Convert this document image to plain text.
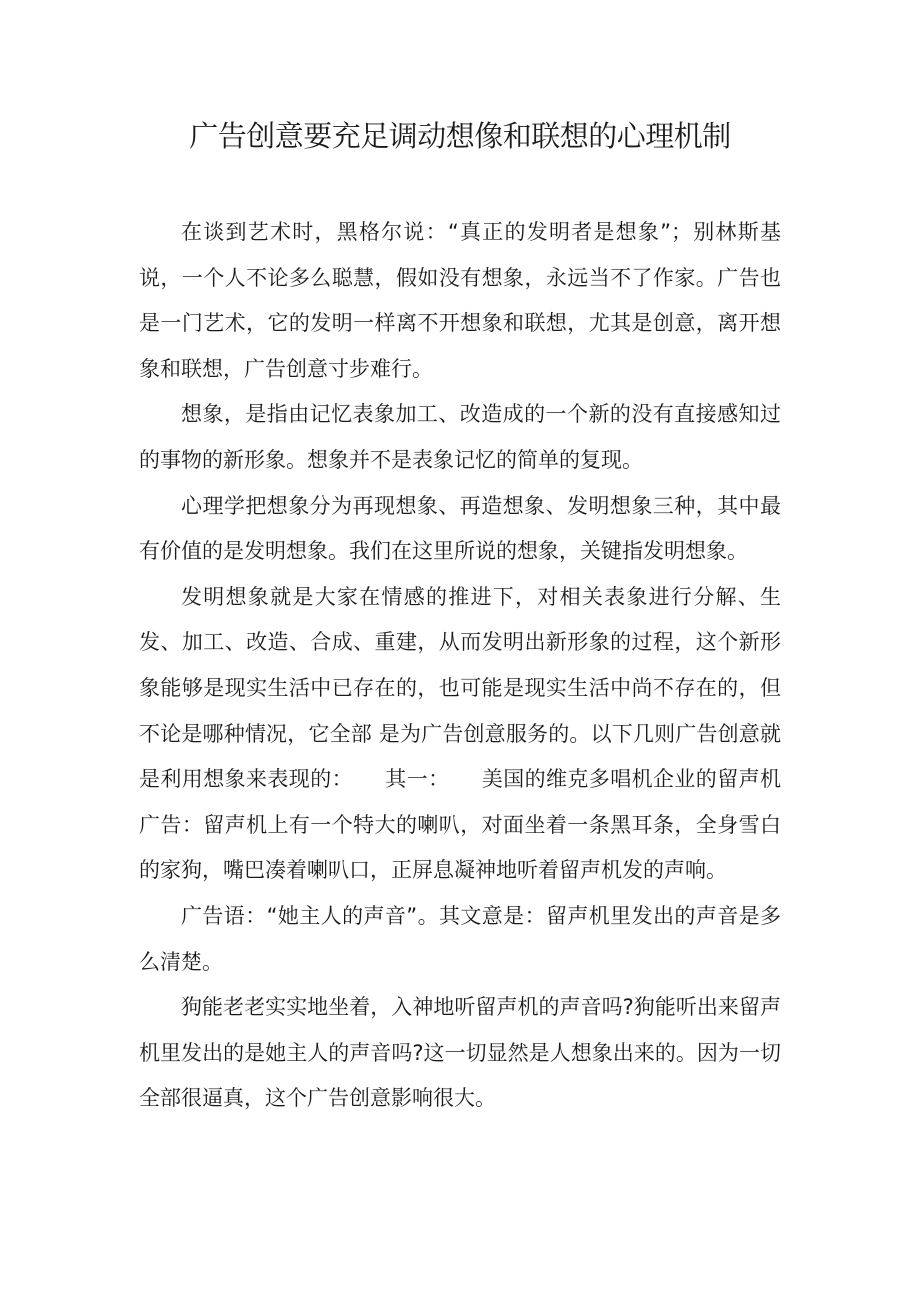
广告创意要充足调动想像和联想的心理机制

在谈到艺术时，黑格尔说：“真正的发明者是想象”；别林斯基说，一个人不论多么聪慧，假如没有想象，永远当不了作家。广告也是一门艺术，它的发明一样离不开想象和联想，尤其是创意，离开想象和联想，广告创意寸步难行。

想象，是指由记忆表象加工、改造成的一个新的没有直接感知过的事物的新形象。想象并不是表象记忆的简单的复现。

心理学把想象分为再现想象、再造想象、发明想象三种，其中最有价值的是发明想象。我们在这里所说的想象，关键指发明想象。

发明想象就是大家在情感的推进下，对相关表象进行分解、生发、加工、改造、合成、重建，从而发明出新形象的过程，这个新形 象能够是现实生活中已存在的，也可能是现实生活中尚不存在的，但不论是哪种情况，它全部 是为广告创意服务的。以下几则广告创意就是利用想象来表现的：　　其一：　　美国的维克多唱机企业的留声机广告：留声机上有一个特大的喇叭，对面坐着一条黑耳条，全身雪白的家狗，嘴巴凑着喇叭口，正屏息凝神地听着留声机发的声响。

广告语：“她主人的声音”。其文意是：留声机里发出的声音是多么清楚。

狗能老老实实地坐着，入神地听留声机的声音吗?狗能听出来留声机里发出的是她主人的声音吗?这一切显然是人想象出来的。因为一切全部很逼真，这个广告创意影响很大。
